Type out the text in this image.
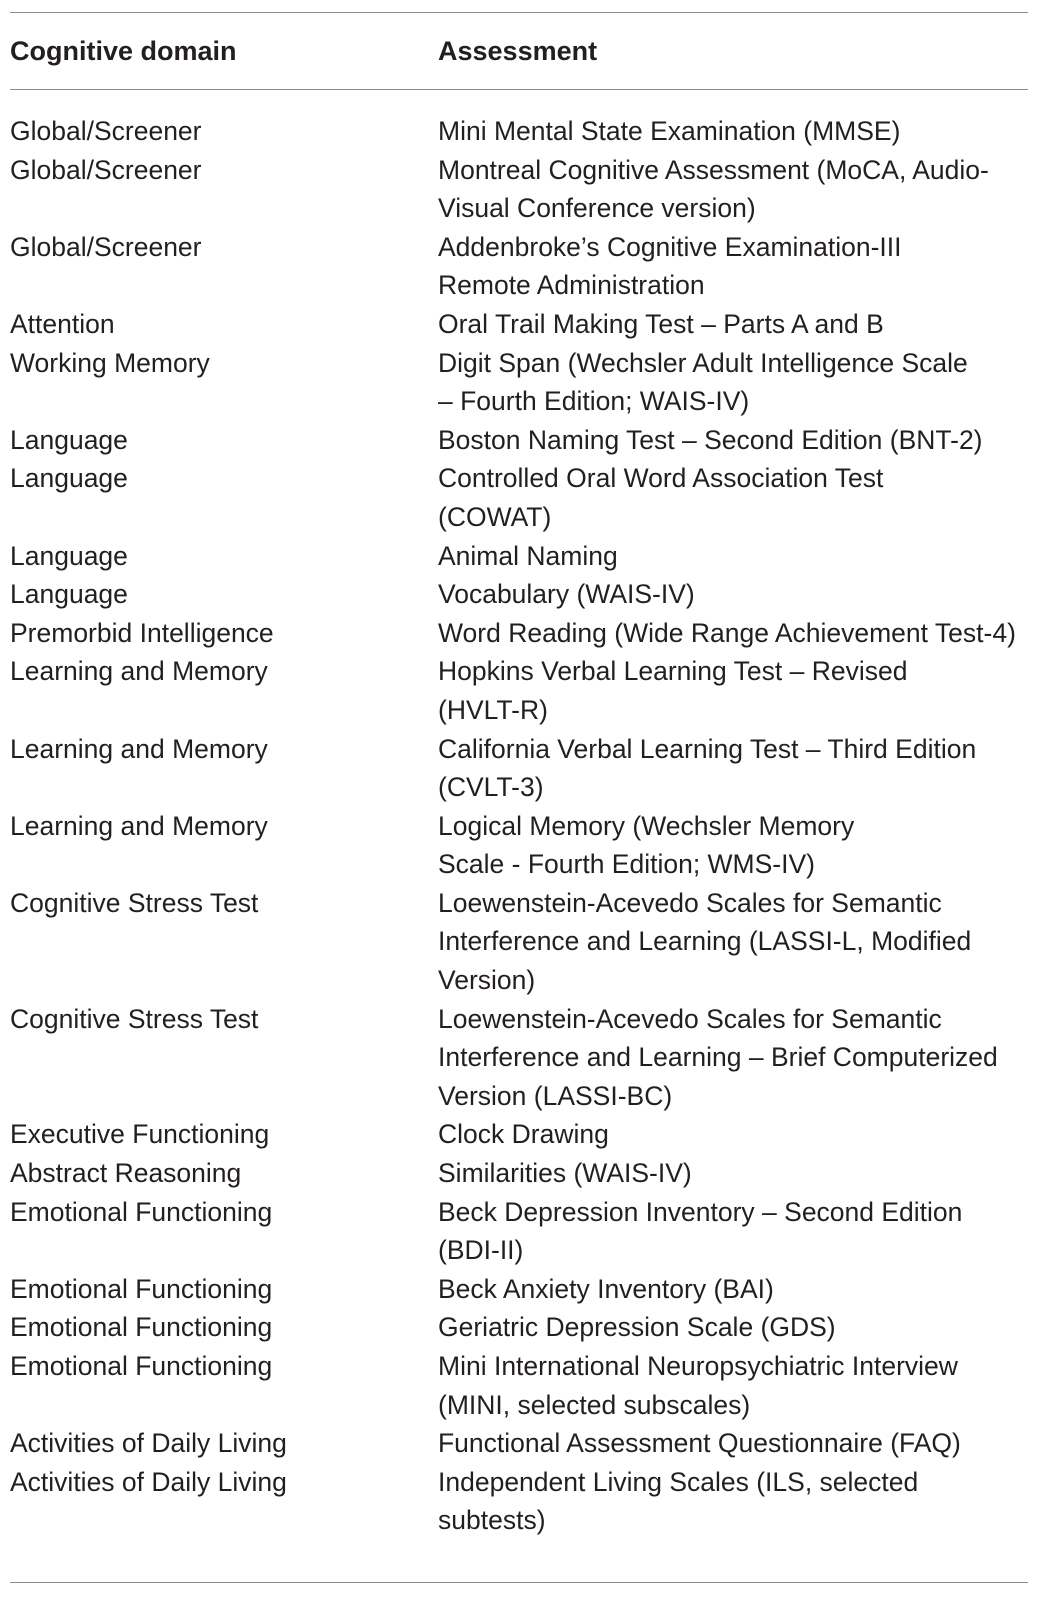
Cognitive domain	Assessment
Global/Screener	Mini Mental State Examination (MMSE)
Global/Screener	Montreal Cognitive Assessment (MoCA, Audio-
Visual Conference version)
Global/Screener	Addenbroke’s Cognitive Examination-III
Remote Administration
Attention	Oral Trail Making Test – Parts A and B
Working Memory	Digit Span (Wechsler Adult Intelligence Scale
– Fourth Edition; WAIS-IV)
Language	Boston Naming Test – Second Edition (BNT-2)
Language	Controlled Oral Word Association Test
(COWAT)
Language	Animal Naming
Language	Vocabulary (WAIS-IV)
Premorbid Intelligence	Word Reading (Wide Range Achievement Test-4)
Learning and Memory	Hopkins Verbal Learning Test – Revised
(HVLT-R)
Learning and Memory	California Verbal Learning Test – Third Edition
(CVLT-3)
Learning and Memory	Logical Memory (Wechsler Memory
Scale - Fourth Edition; WMS-IV)
Cognitive Stress Test	Loewenstein-Acevedo Scales for Semantic
Interference and Learning (LASSI-L, Modified
Version)
Cognitive Stress Test	Loewenstein-Acevedo Scales for Semantic
Interference and Learning – Brief Computerized
Version (LASSI-BC)
Executive Functioning	Clock Drawing
Abstract Reasoning	Similarities (WAIS-IV)
Emotional Functioning	Beck Depression Inventory – Second Edition
(BDI-II)
Emotional Functioning	Beck Anxiety Inventory (BAI)
Emotional Functioning	Geriatric Depression Scale (GDS)
Emotional Functioning	Mini International Neuropsychiatric Interview
(MINI, selected subscales)
Activities of Daily Living	Functional Assessment Questionnaire (FAQ)
Activities of Daily Living	Independent Living Scales (ILS, selected
subtests)
